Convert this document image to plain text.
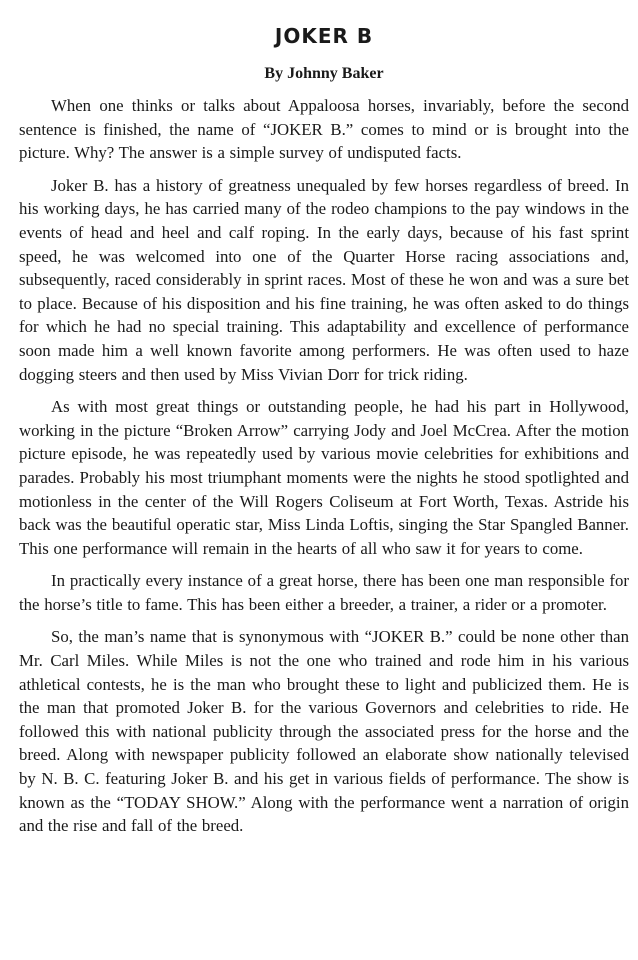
JOKER B
By Johnny Baker

When one thinks or talks about Appaloosa horses, invariably, before the second sentence is finished, the name of “JOKER B.” comes to mind or is brought into the picture. Why? The answer is a simple survey of undisputed facts.

Joker B. has a history of greatness unequaled by few horses regardless of breed. In his working days, he has carried many of the rodeo champions to the pay windows in the events of head and heel and calf roping. In the early days, because of his fast sprint speed, he was welcomed into one of the Quarter Horse racing associations and, subsequently, raced considerably in sprint races. Most of these he won and was a sure bet to place. Because of his disposition and his fine training, he was often asked to do things for which he had no special training. This adaptability and excellence of performance soon made him a well known favorite among performers. He was often used to haze dogging steers and then used by Miss Vivian Dorr for trick riding.

As with most great things or outstanding people, he had his part in Hollywood, working in the picture “Broken Arrow” carrying Jody and Joel McCrea. After the motion picture episode, he was repeatedly used by various movie celebrities for exhibitions and parades. Probably his most triumphant moments were the nights he stood spotlighted and motionless in the center of the Will Rogers Coliseum at Fort Worth, Texas. Astride his back was the beautiful operatic star, Miss Linda Loftis, singing the Star Spangled Banner. This one performance will remain in the hearts of all who saw it for years to come.

In practically every instance of a great horse, there has been one man responsible for the horse’s title to fame. This has been either a breeder, a trainer, a rider or a promoter.

So, the man’s name that is synonymous with “JOKER B.” could be none other than Mr. Carl Miles. While Miles is not the one who trained and rode him in his various athletical contests, he is the man who brought these to light and publicized them. He is the man that promoted Joker B. for the various Governors and celebrities to ride. He followed this with national publicity through the associated press for the horse and the breed. Along with newspaper publicity followed an elaborate show nationally televised by N. B. C. featuring Joker B. and his get in various fields of performance. The show is known as the “TODAY SHOW.” Along with the performance went a narration of origin and the rise and fall of the breed.
